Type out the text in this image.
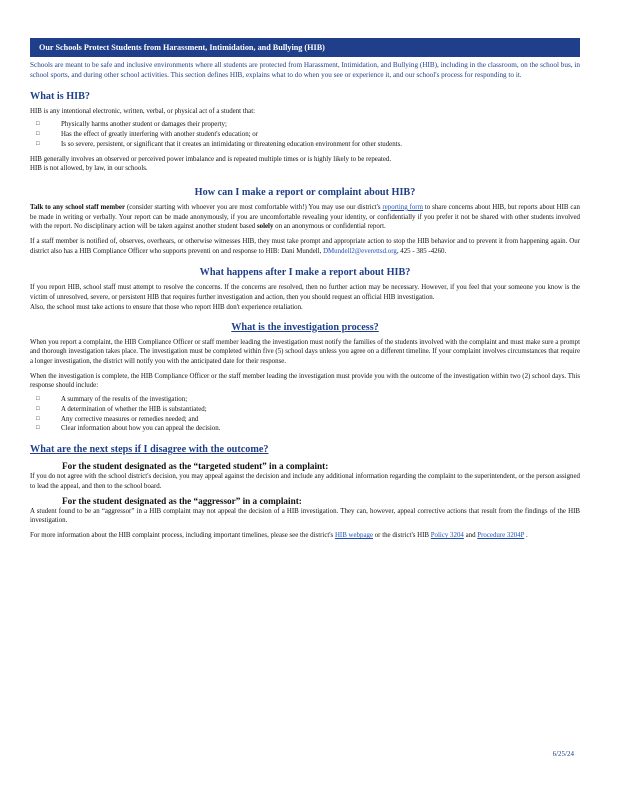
Our Schools Protect Students from Harassment, Intimidation, and Bullying (HIB)

Schools are meant to be safe and inclusive environments where all students are protected from Harassment, Intimidation, and Bullying (HIB), including in the classroom, on the school bus, in school sports, and during other school activities. This section defines HIB, explains what to do when you see or experience it, and our school's process for responding to it.

What is HIB?

HIB is any intentional electronic, written, verbal, or physical act of a student that:

□ Physically harms another student or damages their property;
□ Has the effect of greatly interfering with another student's education; or
□ Is so severe, persistent, or significant that it creates an intimidating or threatening education environment for other students.

HIB generally involves an observed or perceived power imbalance and is repeated multiple times or is highly likely to be repeated.

HIB is not allowed, by law, in our schools.

How can I make a report or complaint about HIB?

Talk to any school staff member (consider starting with whoever you are most comfortable with!) You may use our district's reporting form to share concerns about HIB, but reports about HIB can be made in writing or verbally. Your report can be made anonymously, if you are uncomfortable revealing your identity, or confidentially if you prefer it not be shared with other students involved with the report. No disciplinary action will be taken against another student based solely on an anonymous or confidential report.

If a staff member is notified of, observes, overhears, or otherwise witnesses HIB, they must take prompt and appropriate action to stop the HIB behavior and to prevent it from happening again. Our district also has a HIB Compliance Officer who supports preventi on and response to HIB: Dani Mundell, DMundell2@everettsd.org, 425 - 385 -4260.

What happens after I make a report about HIB?

If you report HIB, school staff must attempt to resolve the concerns. If the concerns are resolved, then no further action may be necessary. However, if you feel that your someone you know is the victim of unresolved, severe, or persistent HIB that requires further investigation and action, then you should request an official HIB investigation.

Also, the school must take actions to ensure that those who report HIB don't experience retaliation.

What is the investigation process?

When you report a complaint, the HIB Compliance Officer or staff member leading the investigation must notify the families of the students involved with the complaint and must make sure a prompt and thorough investigation takes place. The investigation must be completed within five (5) school days unless you agree on a different timeline. If your complaint involves circumstances that require a longer investigation, the district will notify you with the anticipated date for their response.

When the investigation is complete, the HIB Compliance Officer or the staff member leading the investigation must provide you with the outcome of the investigation within two (2) school days. This response should include:

□ A summary of the results of the investigation;
□ A determination of whether the HIB is substantiated;
□ Any corrective measures or remedies needed; and
□ Clear information about how you can appeal the decision.
What are the next steps if I disagree with the outcome?
For the student designated as the “targeted student” in a complaint:

If you do not agree with the school district's decision, you may appeal against the decision and include any additional information regarding the complaint to the superintendent, or the person assigned to lead the appeal, and then to the school board.

For the student designated as the “aggressor” in a complaint:

A student found to be an “aggressor” in a HIB complaint may not appeal the decision of a HIB investigation. They can, however, appeal corrective actions that result from the findings of the HIB investigation.

For more information about the HIB complaint process, including important timelines, please see the district's HIB webpage or the district's HIB Policy 3204 and Procedure 3204P .

6/25/24
